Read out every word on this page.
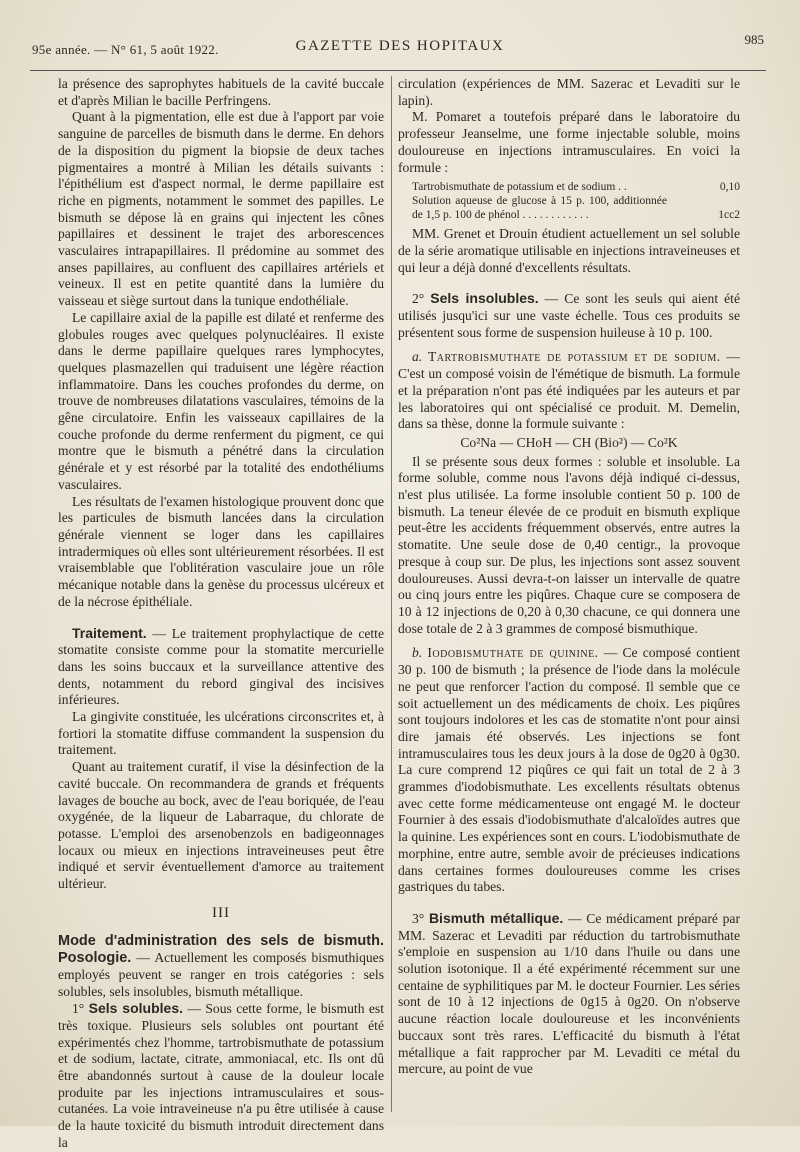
95e année. — N° 61, 5 août 1922.	GAZETTE DES HOPITAUX	985

la présence des saprophytes habituels de la cavité buccale et d'après Milian le bacille Perfringens.

Quant à la pigmentation, elle est due à l'apport par voie sanguine de parcelles de bismuth dans le derme. En dehors de la disposition du pigment la biopsie de deux taches pigmentaires a montré à Milian les détails suivants : l'épithélium est d'aspect normal, le derme papillaire est riche en pigments, notamment le sommet des papilles. Le bismuth se dépose là en grains qui injectent les cônes papillaires et dessinent le trajet des arborescences vasculaires intrapapillaires. Il prédomine au sommet des anses papillaires, au confluent des capillaires artériels et veineux. Il est en petite quantité dans la lumière du vaisseau et siège surtout dans la tunique endothéliale.

Le capillaire axial de la papille est dilaté et renferme des globules rouges avec quelques polynucléaires. Il existe dans le derme papillaire quelques rares lymphocytes, quelques plasmazellen qui traduisent une légère réaction inflammatoire. Dans les couches profondes du derme, on trouve de nombreuses dilatations vasculaires, témoins de la gêne circulatoire. Enfin les vaisseaux capillaires de la couche profonde du derme renferment du pigment, ce qui montre que le bismuth a pénétré dans la circulation générale et y est résorbé par la totalité des endothéliums vasculaires.

Les résultats de l'examen histologique prouvent donc que les particules de bismuth lancées dans la circulation générale viennent se loger dans les capillaires intradermiques où elles sont ultérieurement résorbées. Il est vraisemblable que l'oblitération vasculaire joue un rôle mécanique notable dans la genèse du processus ulcéreux et de la nécrose épithéliale.

Traitement. — Le traitement prophylactique de cette stomatite consiste comme pour la stomatite mercurielle dans les soins buccaux et la surveillance attentive des dents, notamment du rebord gingival des incisives inférieures.

La gingivite constituée, les ulcérations circonscrites et, à fortiori la stomatite diffuse commandent la suspension du traitement.

Quant au traitement curatif, il vise la désinfection de la cavité buccale. On recommandera de grands et fréquents lavages de bouche au bock, avec de l'eau boriquée, de l'eau oxygénée, de la liqueur de Labarraque, du chlorate de potasse. L'emploi des arsenobenzols en badigeonnages locaux ou mieux en injections intraveineuses peut être indiqué et servir éventuellement d'amorce au traitement ultérieur.

III

Mode d'administration des sels de bismuth. Posologie. — Actuellement les composés bismuthiques employés peuvent se ranger en trois catégories : sels solubles, sels insolubles, bismuth métallique.

1° Sels solubles. — Sous cette forme, le bismuth est très toxique. Plusieurs sels solubles ont pourtant été expérimentés chez l'homme, tartrobismuthate de potassium et de sodium, lactate, citrate, ammoniacal, etc. Ils ont dû être abandonnés surtout à cause de la douleur locale produite par les injections intramusculaires et sous-cutanées. La voie intraveineuse n'a pu être utilisée à cause de la haute toxicité du bismuth introduit directement dans la

circulation (expériences de MM. Sazerac et Levaditi sur le lapin).

M. Pomaret a toutefois préparé dans le laboratoire du professeur Jeanselme, une forme injectable soluble, moins douloureuse en injections intramusculaires. En voici la formule :

Tartrobismuthate de potassium et de sodium . .	0,10
Solution aqueuse de glucose à 15 p. 100, additionnée de 1,5 p. 100 de phénol . . . . . . . . . . . .	1cc2

MM. Grenet et Drouin étudient actuellement un sel soluble de la série aromatique utilisable en injections intraveineuses et qui leur a déjà donné d'excellents résultats.

2° Sels insolubles. — Ce sont les seuls qui aient été utilisés jusqu'ici sur une vaste échelle. Tous ces produits se présentent sous forme de suspension huileuse à 10 p. 100.

a. Tartrobismuthate de potassium et de sodium. — C'est un composé voisin de l'émétique de bismuth. La formule et la préparation n'ont pas été indiquées par les auteurs et par les laboratoires qui ont spécialisé ce produit. M. Demelin, dans sa thèse, donne la formule suivante :

Co²Na — CHoH — CH (Bio²) — Co²K

Il se présente sous deux formes : soluble et insoluble. La forme soluble, comme nous l'avons déjà indiqué ci-dessus, n'est plus utilisée. La forme insoluble contient 50 p. 100 de bismuth. La teneur élevée de ce produit en bismuth explique peut-être les accidents fréquemment observés, entre autres la stomatite. Une seule dose de 0,40 centigr., la provoque presque à coup sur. De plus, les injections sont assez souvent douloureuses. Aussi devra-t-on laisser un intervalle de quatre ou cinq jours entre les piqûres. Chaque cure se composera de 10 à 12 injections de 0,20 à 0,30 chacune, ce qui donnera une dose totale de 2 à 3 grammes de composé bismuthique.

b. Iodobismuthate de quinine. — Ce composé contient 30 p. 100 de bismuth ; la présence de l'iode dans la molécule ne peut que renforcer l'action du composé. Il semble que ce soit actuellement un des médicaments de choix. Les piqûres sont toujours indolores et les cas de stomatite n'ont pour ainsi dire jamais été observés. Les injections se font intramusculaires tous les deux jours à la dose de 0g20 à 0g30. La cure comprend 12 piqûres ce qui fait un total de 2 à 3 grammes d'iodobismuthate. Les excellents résultats obtenus avec cette forme médicamenteuse ont engagé M. le docteur Fournier à des essais d'iodobismuthate d'alcaloïdes autres que la quinine. Les expériences sont en cours. L'iodobismuthate de morphine, entre autre, semble avoir de précieuses indications dans certaines formes douloureuses comme les crises gastriques du tabes.

3° Bismuth métallique. — Ce médicament préparé par MM. Sazerac et Levaditi par réduction du tartrobismuthate s'emploie en suspension au 1/10 dans l'huile ou dans une solution isotonique. Il a été expérimenté récemment sur une centaine de syphilitiques par M. le docteur Fournier. Les séries sont de 10 à 12 injections de 0g15 à 0g20. On n'observe aucune réaction locale douloureuse et les inconvénients buccaux sont très rares. L'efficacité du bismuth à l'état métallique a fait rapprocher par M. Levaditi ce métal du mercure, au point de vue
